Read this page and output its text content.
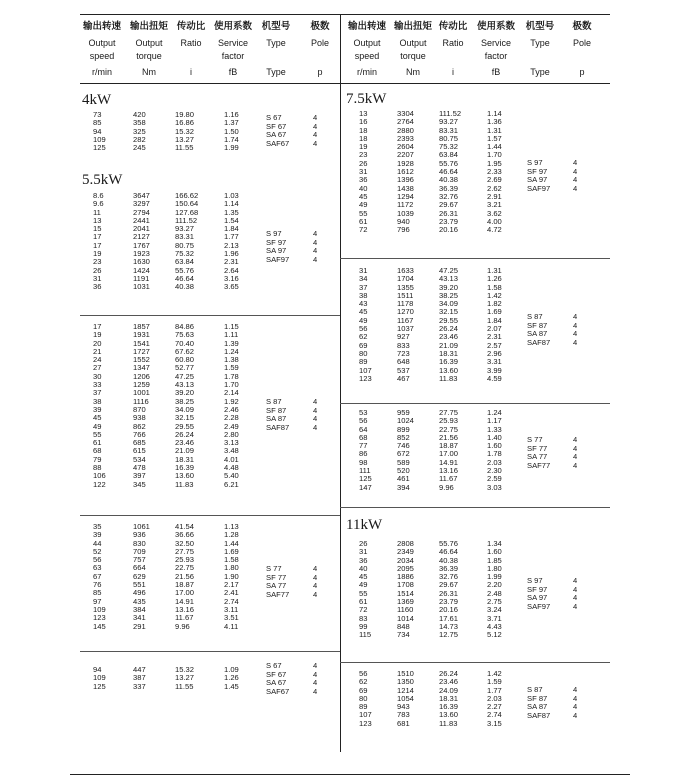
输出转速 输出扭矩 传动比 使用系数	机型号	极数
Output	Output	Ratio	Service	Type	Pole
speed	torque	factor
r/min	Nm	i	fB	Type	p
4kW
5.5kW
73	420	19.80	1.16
85	358	16.86	1.37
94	325	15.32	1.50
109	282	13.27	1.74
125	245	11.55	1.99
S 67	4
SF 67	4
SA 67	4
SAF67	4
8.6	3647	166.62	1.03
9.6	3297	150.64	1.14
11	2794	127.68	1.35
13	2441	111.52	1.54
15	2041	93.27	1.84
17	2127	83.31	1.77
17	1767	80.75	2.13
19	1923	75.32	1.96
23	1630	63.84	2.31
26	1424	55.76	2.64
31	1191	46.64	3.16
36	1031	40.38	3.65
S 97	4
SF 97	4
SA 97	4
SAF97	4
17	1857	84.86	1.15
19	1931	75.63	1.11
20	1541	70.40	1.39
21	1727	67.62	1.24
24	1552	60.80	1.38
27	1347	52.77	1.59
30	1206	47.25	1.78
33	1259	43.13	1.70
37	1001	39.20	2.14
38	1116	38.25	1.92
39	870	34.09	2.46
45	938	32.15	2.28
49	862	29.55	2.49
55	766	26.24	2.80
61	685	23.46	3.13
68	615	21.09	3.48
79	534	18.31	4.01
88	478	16.39	4.48
106	397	13.60	5.40
122	345	11.83	6.21
S 87	4
SF 87	4
SA 87	4
SAF87	4
35	1061	41.54	1.13
39	936	36.66	1.28
44	830	32.50	1.44
52	709	27.75	1.69
56	757	25.93	1.58
63	664	22.75	1.80
67	629	21.56	1.90
76	551	18.87	2.17
85	496	17.00	2.41
97	435	14.91	2.74
109	384	13.16	3.11
123	341	11.67	3.51
145	291	9.96	4.11
S 77	4
SF 77	4
SA 77	4
SAF77	4
94	447	15.32	1.09
109	387	13.27	1.26
125	337	11.55	1.45
S 67	4
SF 67	4
SA 67	4
SAF67	4
输出转速 输出扭矩 传动比	使用系数	机型号	极数
Output	Output	Ratio	Service	Type	Pole
speed	torque	factor
r/min	Nm	i	fB	Type	p
7.5kW
11kW
13	3304	111.52	1.14
16	2764	93.27	1.36
18	2880	83.31	1.31
18	2393	80.75	1.57
19	2604	75.32	1.44
23	2207	63.84	1.70
26	1928	55.76	1.95
31	1612	46.64	2.33
36	1396	40.38	2.69
40	1438	36.39	2.62
45	1294	32.76	2.91
49	1172	29.67	3.21
55	1039	26.31	3.62
61	940	23.79	4.00
72	796	20.16	4.72
S 97	4
SF 97	4
SA 97	4
SAF97	4
31	1633	47.25	1.31
34	1704	43.13	1.26
37	1355	39.20	1.58
38	1511	38.25	1.42
43	1178	34.09	1.82
45	1270	32.15	1.69
49	1167	29.55	1.84
56	1037	26.24	2.07
62	927	23.46	2.31
69	833	21.09	2.57
80	723	18.31	2.96
89	648	16.39	3.31
107	537	13.60	3.99
123	467	11.83	4.59
S 87	4
SF 87	4
SA 87	4
SAF87	4
53	959	27.75	1.24
56	1024	25.93	1.17
64	899	22.75	1.33
68	852	21.56	1.40
77	746	18.87	1.60
86	672	17.00	1.78
98	589	14.91	2.03
111	520	13.16	2.30
125	461	11.67	2.59
147	394	9.96	3.03
S 77	4
SF 77	4
SA 77	4
SAF77	4
26	2808	55.76	1.34
31	2349	46.64	1.60
36	2034	40.38	1.85
40	2095	36.39	1.80
45	1886	32.76	1.99
49	1708	29.67	2.20
55	1514	26.31	2.48
61	1369	23.79	2.75
72	1160	20.16	3.24
83	1014	17.61	3.71
99	848	14.73	4.43
115	734	12.75	5.12
S 97	4
SF 97	4
SA 97	4
SAF97	4
56	1510	26.24	1.42
62	1350	23.46	1.59
69	1214	24.09	1.77
80	1054	18.31	2.03
89	943	16.39	2.27
107	783	13.60	2.74
123	681	11.83	3.15
S 87	4
SF 87	4
SA 87	4
SAF87	4
